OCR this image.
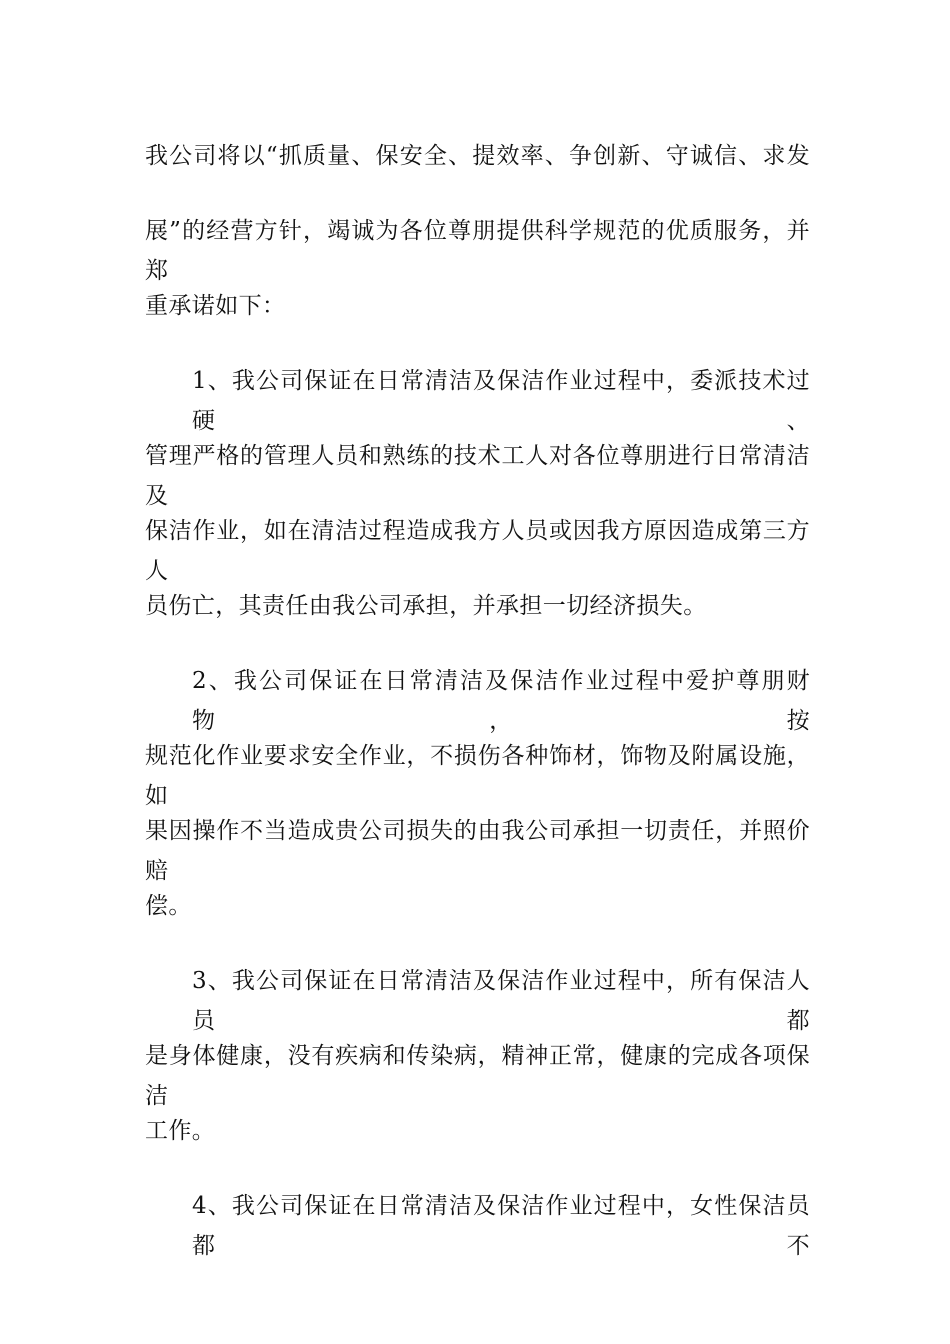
我公司将以“抓质量、保安全、提效率、争创新、守诚信、求发
展”的经营方针，竭诚为各位尊朋提供科学规范的优质服务，并郑
重承诺如下：
1、我公司保证在日常清洁及保洁作业过程中，委派技术过硬、
管理严格的管理人员和熟练的技术工人对各位尊朋进行日常清洁及
保洁作业，如在清洁过程造成我方人员或因我方原因造成第三方人
员伤亡，其责任由我公司承担，并承担一切经济损失。
2、我公司保证在日常清洁及保洁作业过程中爱护尊朋财物，按
规范化作业要求安全作业，不损伤各种饰材，饰物及附属设施，如
果因操作不当造成贵公司损失的由我公司承担一切责任，并照价赔
偿。
3、我公司保证在日常清洁及保洁作业过程中，所有保洁人员都
是身体健康，没有疾病和传染病，精神正常，健康的完成各项保洁
工作。
4、我公司保证在日常清洁及保洁作业过程中，女性保洁员都不
